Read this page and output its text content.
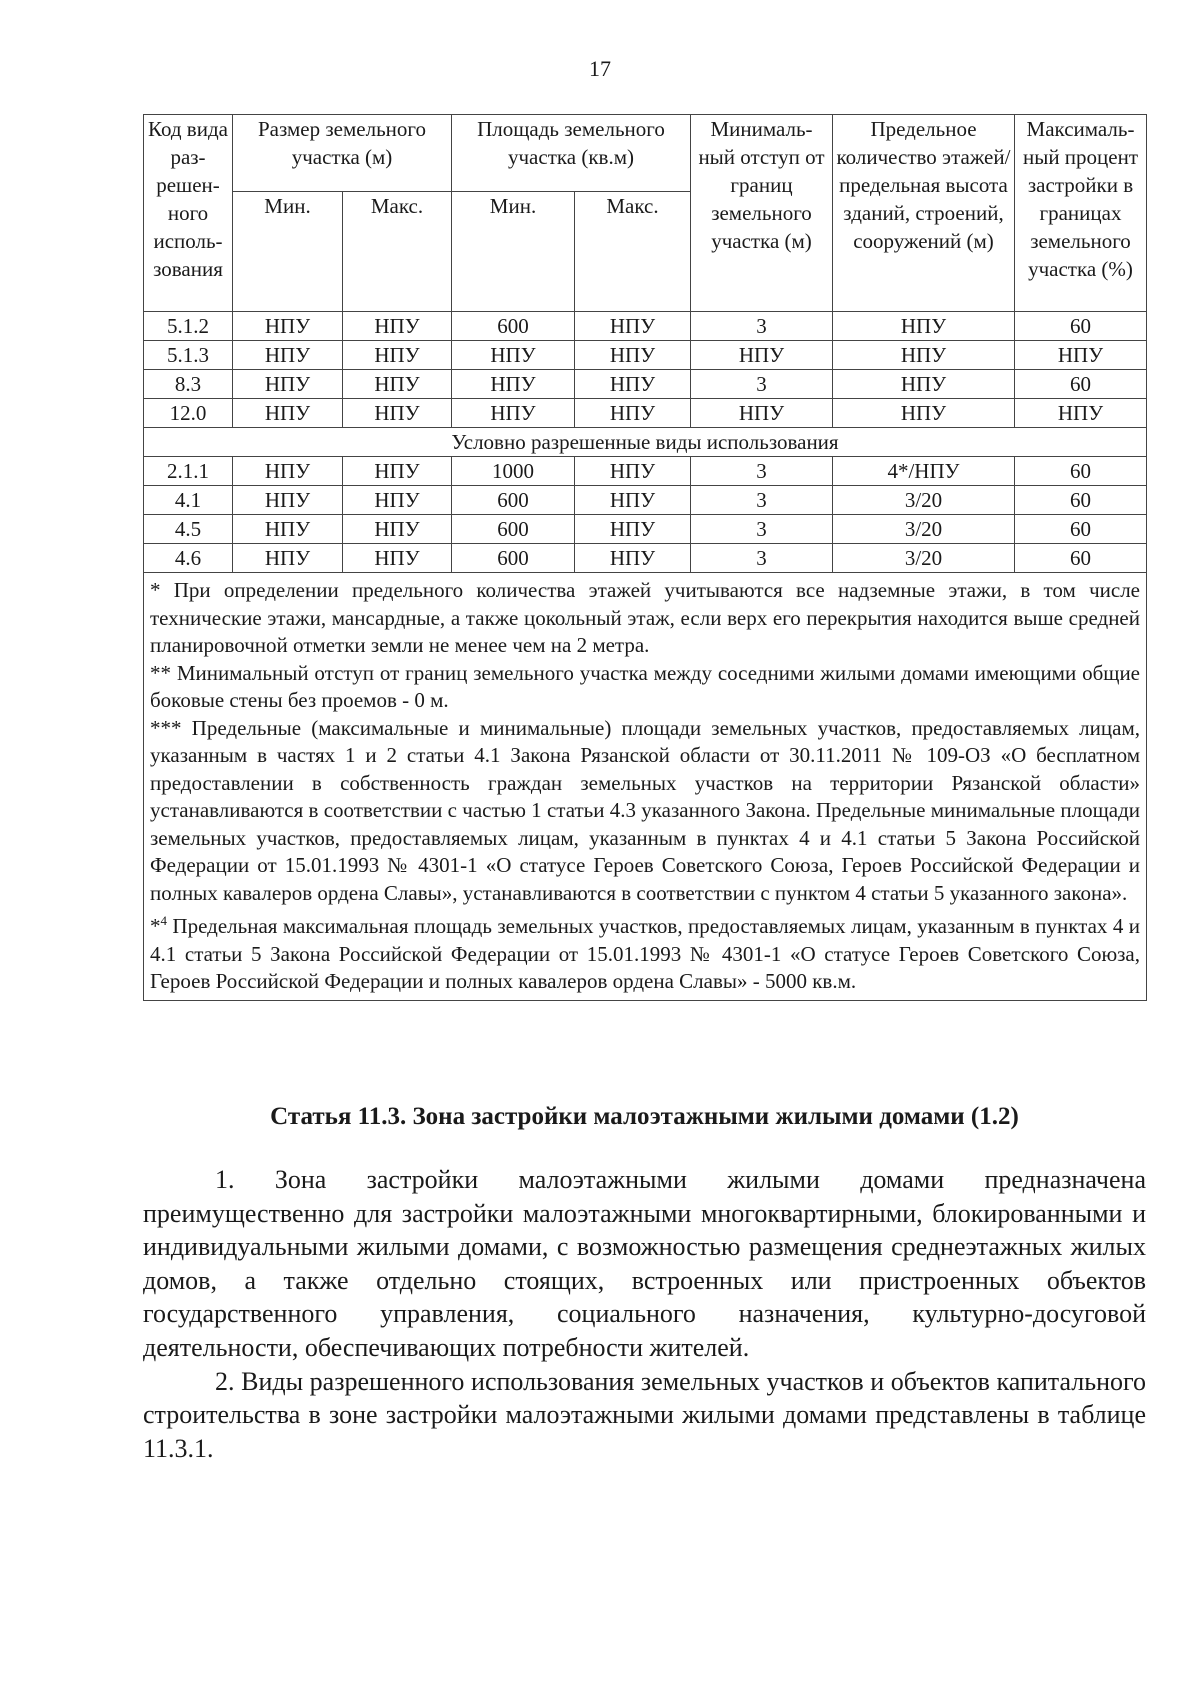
17
Код вида раз-решен-ного исполь-зования	Размер земельного участка (м)		Площадь земельного участка (кв.м)		Минималь-ный отступ от границ земельного участка (м)	Предельное количество этажей/ предельная высота зданий, строений, сооружений (м)	Максималь-ный процент застройки в границах земельного участка (%)
	Мин.	Макс.	Мин.	Макс.			
5.1.2	НПУ	НПУ	600	НПУ	3	НПУ	60
5.1.3	НПУ	НПУ	НПУ	НПУ	НПУ	НПУ	НПУ
8.3	НПУ	НПУ	НПУ	НПУ	3	НПУ	60
12.0	НПУ	НПУ	НПУ	НПУ	НПУ	НПУ	НПУ
Условно разрешенные виды использования							
2.1.1	НПУ	НПУ	1000	НПУ	3	4*/НПУ	60
4.1	НПУ	НПУ	600	НПУ	3	3/20	60
4.5	НПУ	НПУ	600	НПУ	3	3/20	60
4.6	НПУ	НПУ	600	НПУ	3	3/20	60

* При определении предельного количества этажей учитываются все надземные этажи, в том числе технические этажи, мансардные, а также цокольный этаж, если верх его перекрытия находится выше средней планировочной отметки земли не менее чем на 2 метра.
** Минимальный отступ от границ земельного участка между соседними жилыми домами имеющими общие боковые стены без проемов - 0 м.
*** Предельные (максимальные и минимальные) площади земельных участков, предоставляемых лицам, указанным в частях 1 и 2 статьи 4.1 Закона Рязанской области от 30.11.2011 № 109-ОЗ «О бесплатном предоставлении в собственность граждан земельных участков на территории Рязанской области» устанавливаются в соответствии с частью 1 статьи 4.3 указанного Закона. Предельные минимальные площади земельных участков, предоставляемых лицам, указанным в пунктах 4 и 4.1 статьи 5 Закона Российской Федерации от 15.01.1993 № 4301-1 «О статусе Героев Советского Союза, Героев Российской Федерации и полных кавалеров ордена Славы», устанавливаются в соответствии с пунктом 4 статьи 5 указанного закона».
*$^4$ Предельная максимальная площадь земельных участков, предоставляемых лицам, указанным в пунктах 4 и 4.1 статьи 5 Закона Российской Федерации от 15.01.1993 № 4301-1 «О статусе Героев Советского Союза, Героев Российской Федерации и полных кавалеров ордена Славы» - 5000 кв.м.							
Статья 11.3. Зона застройки малоэтажными жилыми домами (1.2)

1. Зона застройки малоэтажными жилыми домами предназначена преимущественно для застройки малоэтажными многоквартирными, блокированными и индивидуальными жилыми домами, с возможностью размещения среднеэтажных жилых домов, а также отдельно стоящих, встроенных или пристроенных объектов государственного управления, социального назначения, культурно-досуговой деятельности, обеспечивающих потребности жителей.

2. Виды разрешенного использования земельных участков и объектов капитального строительства в зоне застройки малоэтажными жилыми домами представлены в таблице 11.3.1.
